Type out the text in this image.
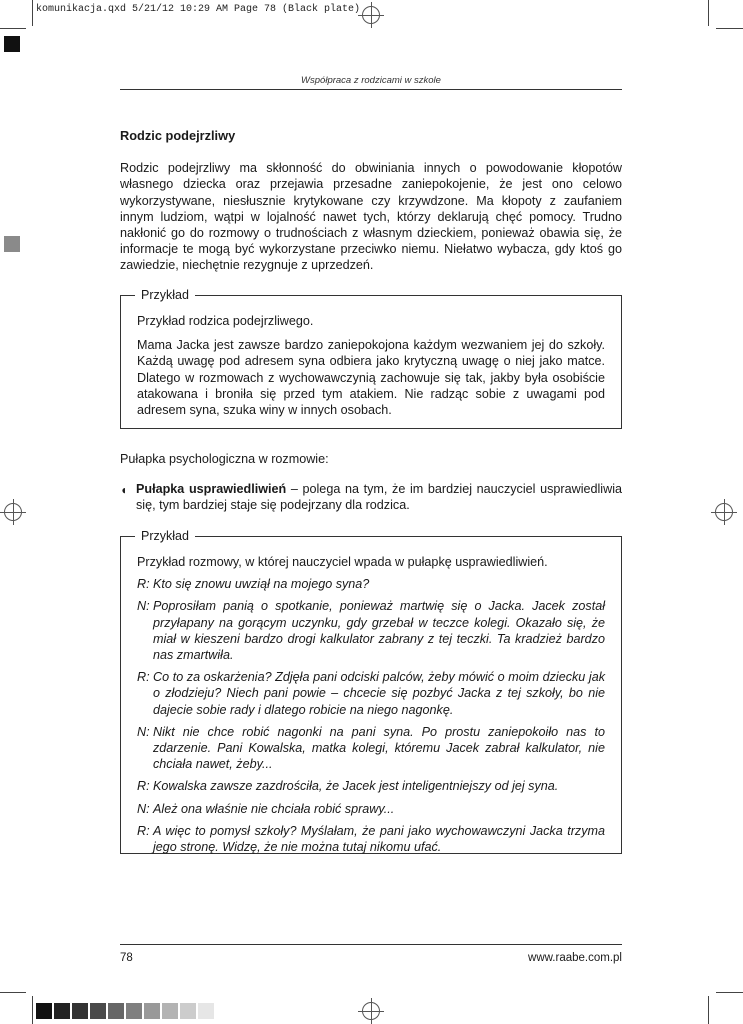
komunikacja.qxd 5/21/12 10:29 AM Page 78 (Black plate)
Współpraca z rodzicami w szkole
Rodzic podejrzliwy

Rodzic podejrzliwy ma skłonność do obwiniania innych o powodowanie kłopotów własnego dziecka oraz przejawia przesadne zaniepokojenie, że jest ono celowo wykorzystywane, niesłusznie krytykowane czy krzywdzone. Ma kłopoty z zaufaniem innym ludziom, wątpi w lojalność nawet tych, którzy deklarują chęć pomocy. Trudno nakłonić go do rozmowy o trudnościach z własnym dzieckiem, ponieważ obawia się, że informacje te mogą być wykorzystane przeciwko niemu. Niełatwo wybacza, gdy ktoś go zawiedzie, niechętnie rezygnuje z uprzedzeń.

Przykład

Przykład rodzica podejrzliwego.

Mama Jacka jest zawsze bardzo zaniepokojona każdym wezwaniem jej do szkoły. Każdą uwagę pod adresem syna odbiera jako krytyczną uwagę o niej jako matce. Dlatego w rozmowach z wychowawczynią zachowuje się tak, jakby była osobiście atakowana i broniła się przed tym atakiem. Nie radząc sobie z uwagami pod adresem syna, szuka winy w innych osobach.

Pułapka psychologiczna w rozmowie:
◖ Pułapka usprawiedliwień – polega na tym, że im bardziej nauczyciel usprawiedliwia się, tym bardziej staje się podejrzany dla rodzica.

Przykład

Przykład rozmowy, w której nauczyciel wpada w pułapkę usprawiedliwień.

R: Kto się znowu uwziął na mojego syna?
N: Poprosiłam panią o spotkanie, ponieważ martwię się o Jacka. Jacek został przyłapany na gorącym uczynku, gdy grzebał w teczce kolegi. Okazało się, że miał w kieszeni bardzo drogi kalkulator zabrany z tej teczki. Ta kradzież bardzo nas zmartwiła.
R: Co to za oskarżenia? Zdjęła pani odciski palców, żeby mówić o moim dziecku jak o złodzieju? Niech pani powie – chcecie się pozbyć Jacka z tej szkoły, bo nie dajecie sobie rady i dlatego robicie na niego nagonkę.
N: Nikt nie chce robić nagonki na pani syna. Po prostu zaniepokoiło nas to zdarzenie. Pani Kowalska, matka kolegi, któremu Jacek zabrał kalkulator, nie chciała nawet, żeby...
R: Kowalska zawsze zazdrościła, że Jacek jest inteligentniejszy od jej syna.
N: Ależ ona właśnie nie chciała robić sprawy...
R: A więc to pomysł szkoły? Myślałam, że pani jako wychowawczyni Jacka trzyma jego stronę. Widzę, że nie można tutaj nikomu ufać.
78	www.raabe.com.pl
